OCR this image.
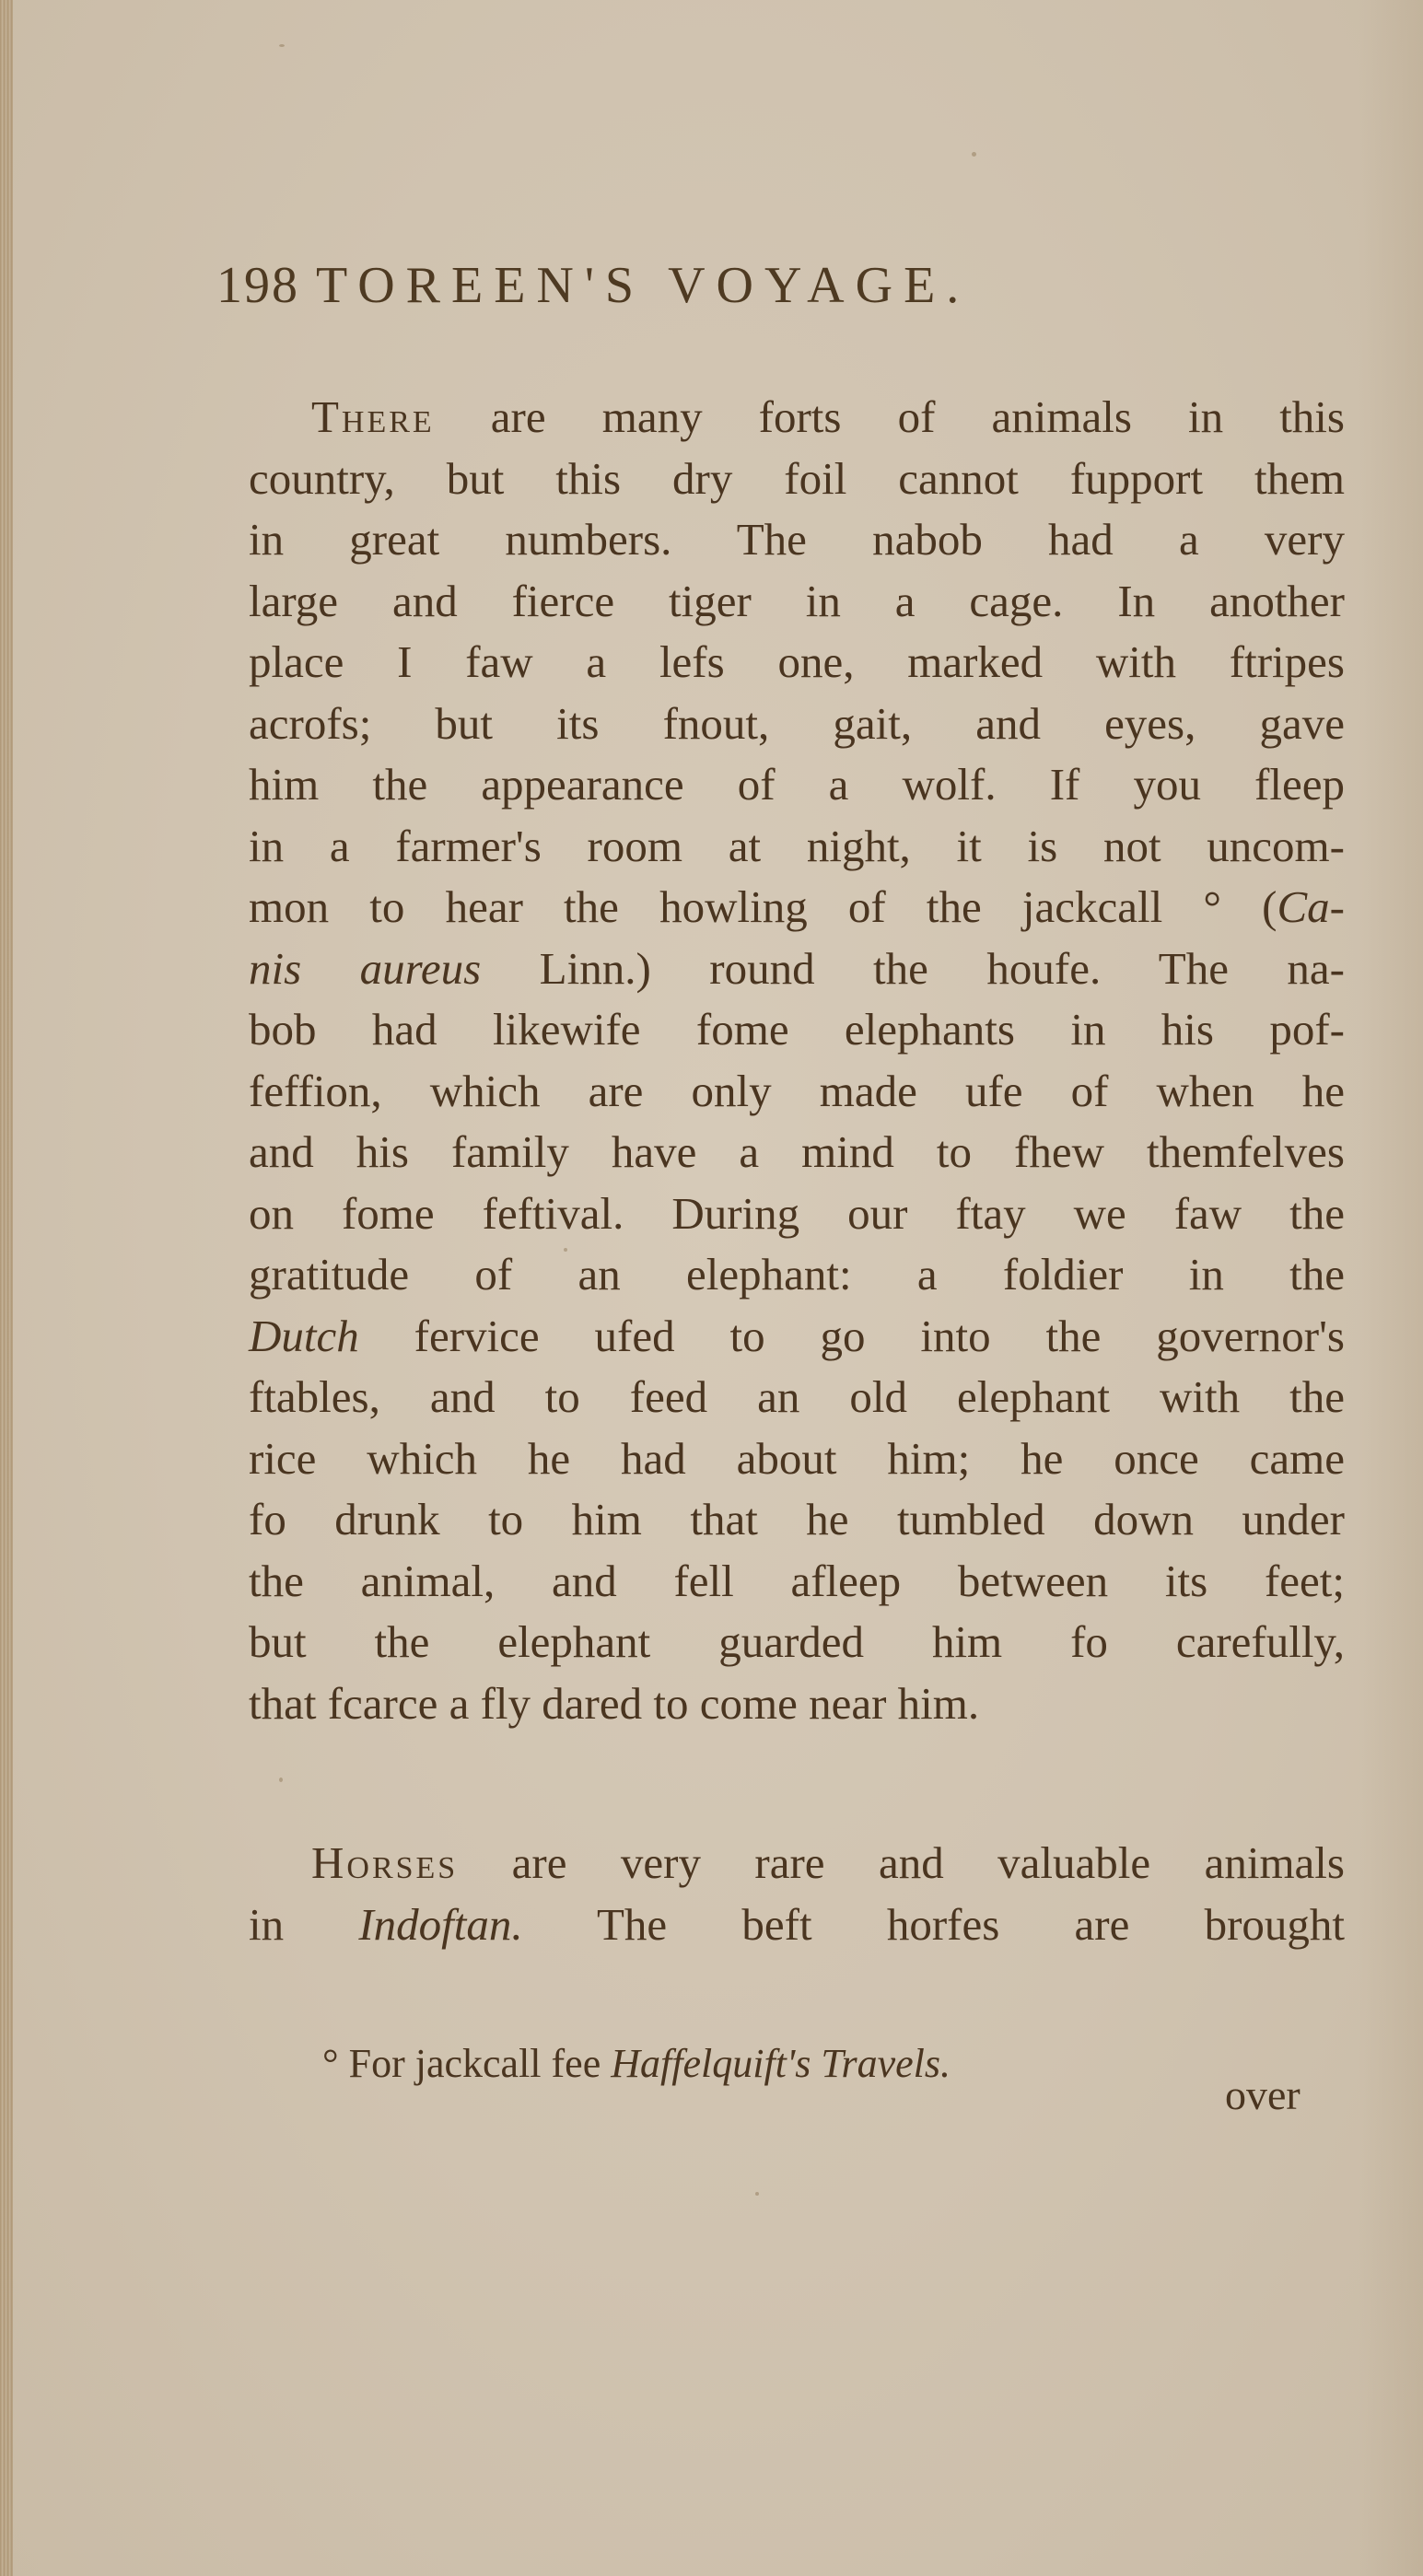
198 TOREEN'S VOYAGE.
There are many forts of animals in this
country, but this dry foil cannot fupport them
in great numbers. The nabob had a very
large and fierce tiger in a cage. In another
place I faw a lefs one, marked with ftripes
acrofs; but its fnout, gait, and eyes, gave
him the appearance of a wolf. If you fleep
in a farmer's room at night, it is not uncom-
mon to hear the howling of the jackcall ° (Ca-
nis aureus Linn.) round the houfe. The na-
bob had likewife fome elephants in his pof-
feffion, which are only made ufe of when he
and his family have a mind to fhew themfelves
on fome feftival. During our ftay we faw the
gratitude of an elephant: a foldier in the
Dutch fervice ufed to go into the governor's
ftables, and to feed an old elephant with the
rice which he had about him; he once came
fo drunk to him that he tumbled down under
the animal, and fell afleep between its feet;
but the elephant guarded him fo carefully,
that fcarce a fly dared to come near him.
Horses are very rare and valuable animals
in Indoftan. The beft horfes are brought
° For jackcall fee Haffelquift's Travels.
over
